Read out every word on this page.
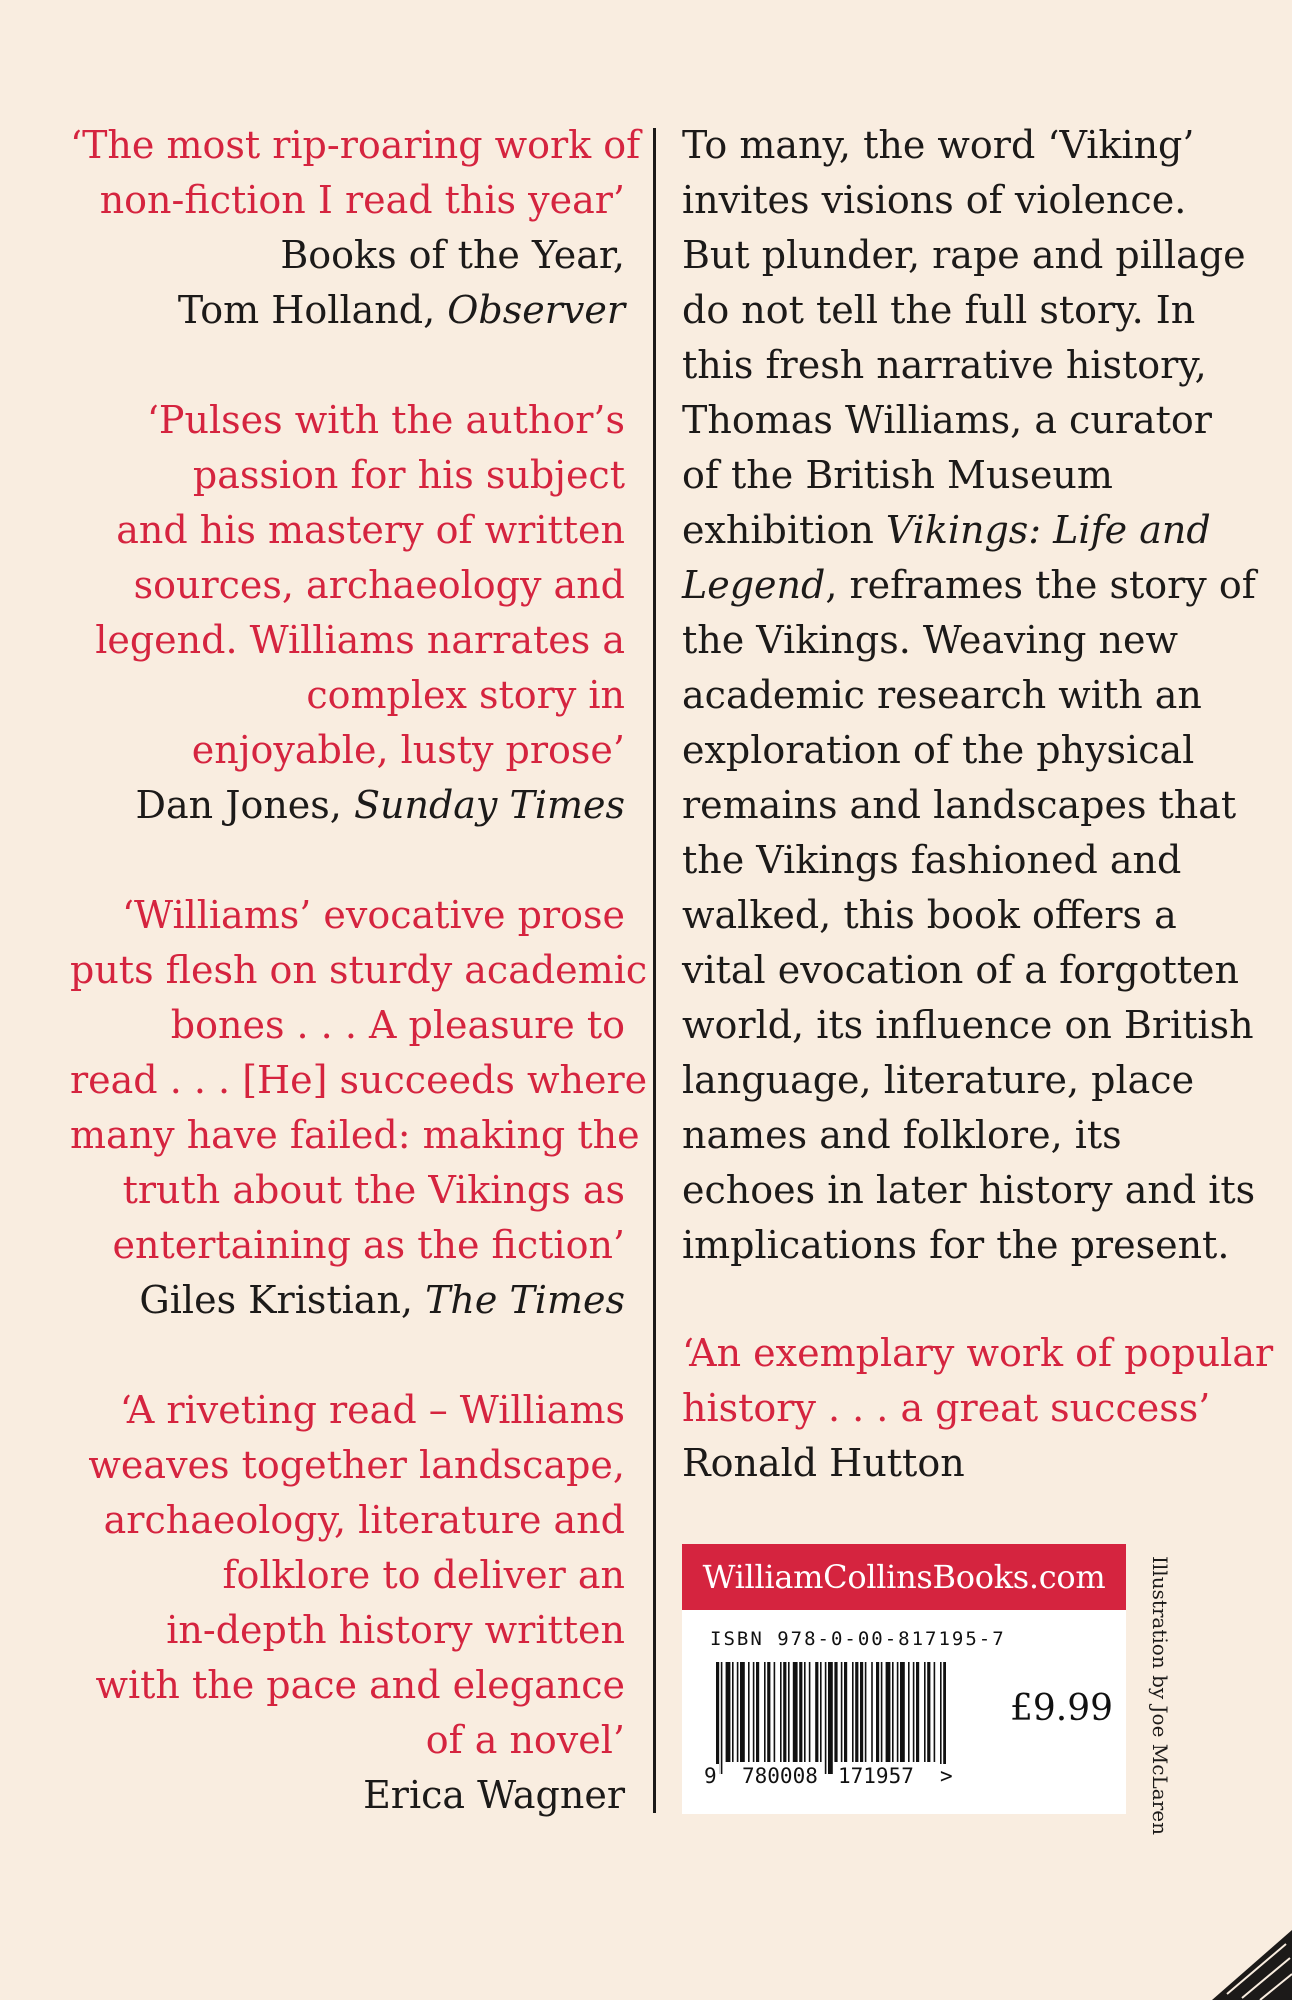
‘The most rip-roaring work of
non-fiction I read this year’
Books of the Year,
Tom Holland, Observer
‘Pulses with the author’s
passion for his subject
and his mastery of written
sources, archaeology and
legend. Williams narrates a
complex story in
enjoyable, lusty prose’
Dan Jones, Sunday Times
‘Williams’ evocative prose
puts flesh on sturdy academic
bones . . . A pleasure to
read . . . [He] succeeds where
many have failed: making the
truth about the Vikings as
entertaining as the fiction’
Giles Kristian, The Times
‘A riveting read – Williams
weaves together landscape,
archaeology, literature and
folklore to deliver an
in-depth history written
with the pace and elegance
of a novel’
Erica Wagner
To many, the word ‘Viking’
invites visions of violence.
But plunder, rape and pillage
do not tell the full story. In
this fresh narrative history,
Thomas Williams, a curator
of the British Museum
exhibition Vikings: Life and
Legend, reframes the story of
the Vikings. Weaving new
academic research with an
exploration of the physical
remains and landscapes that
the Vikings fashioned and
walked, this book offers a
vital evocation of a forgotten
world, its influence on British
language, literature, place
names and folklore, its
echoes in later history and its
implications for the present.
‘An exemplary work of popular
history . . . a great success’
Ronald Hutton
WilliamCollinsBooks.com
ISBN 978-0-00-817195-7
9 780008 171957 >
£9.99 Illustration by Joe McLaren
